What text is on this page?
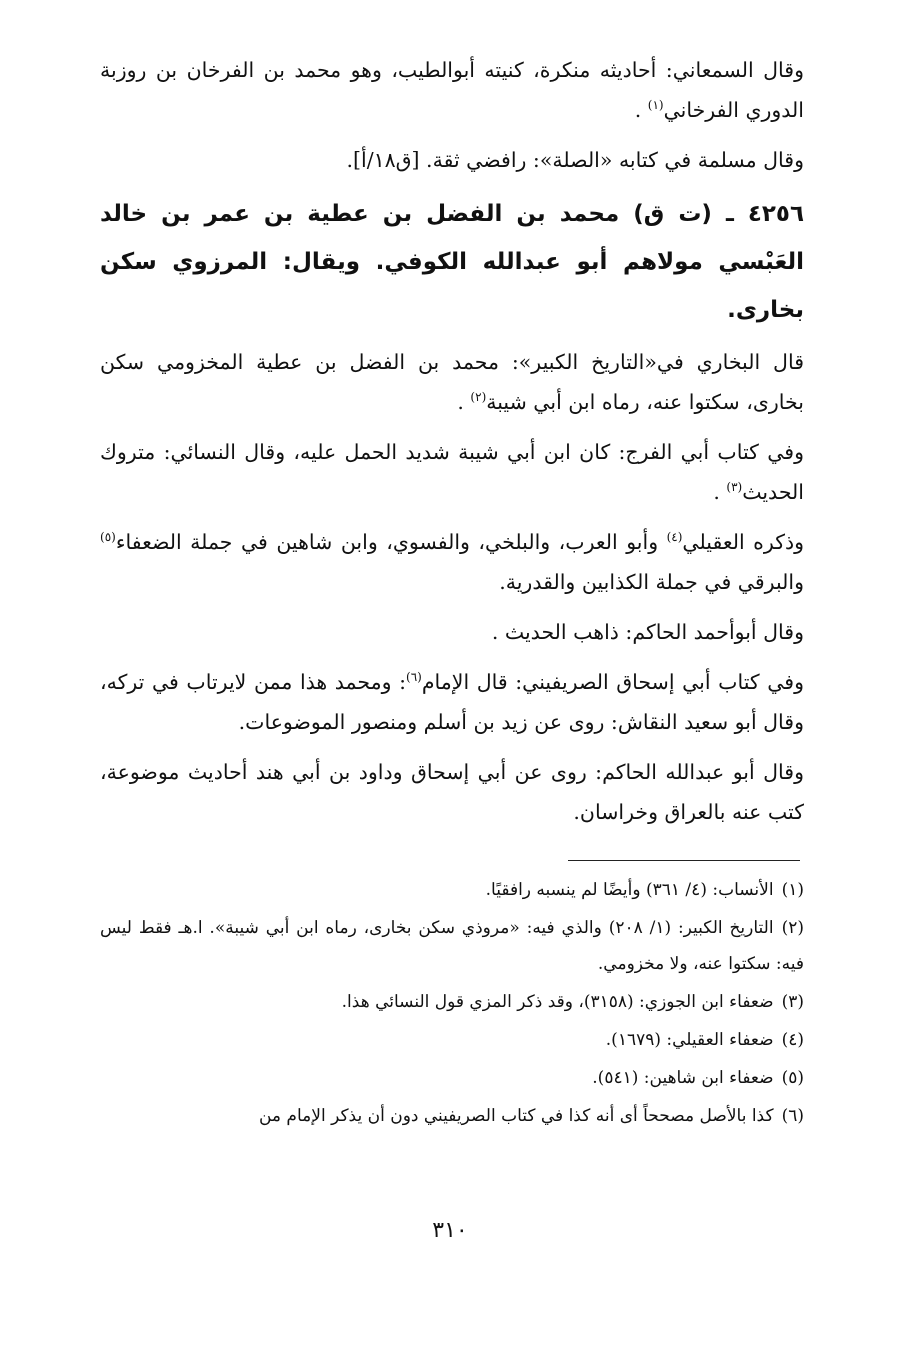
وقال السمعاني: أحاديثه منكرة، كنيته أبوالطيب، وهو محمد بن الفرخان بن روزبة الدوري الفرخاني$^{(١)}$ .

وقال مسلمة في كتابه «الصلة»: رافضي ثقة. [ق١٨/أ].

٤٢٥٦ ـ (ت ق) محمد بن الفضل بن عطية بن عمر بن خالد العَبْسي مولاهم أبو عبدالله الكوفي. ويقال: المرزوي سكن بخارى.

قال البخاري في«التاريخ الكبير»: محمد بن الفضل بن عطية المخزومي سكن بخارى، سكتوا عنه، رماه ابن أبي شيبة$^{(٢)}$ .

وفي كتاب أبي الفرج: كان ابن أبي شيبة شديد الحمل عليه، وقال النسائي: متروك الحديث$^{(٣)}$ .

وذكره العقيلي$^{(٤)}$ وأبو العرب، والبلخي، والفسوي، وابن شاهين في جملة الضعفاء$^{(٥)}$ والبرقي في جملة الكذابين والقدرية.

وقال أبوأحمد الحاكم: ذاهب الحديث .

وفي كتاب أبي إسحاق الصريفيني: قال الإمام$^{(٦)}$: ومحمد هذا ممن لايرتاب في تركه، وقال أبو سعيد النقاش: روى عن زيد بن أسلم ومنصور الموضوعات.

وقال أبو عبدالله الحاكم: روى عن أبي إسحاق وداود بن أبي هند أحاديث موضوعة، كتب عنه بالعراق وخراسان.

(١)الأنساب: (٤/ ٣٦١) وأيضًا لم ينسبه رافقيًا.

(٢)التاريخ الكبير: (١/ ٢٠٨) والذي فيه: «مروذي سكن بخارى، رماه ابن أبي شيبة». ا.هـ فقط ليس فيه: سكتوا عنه، ولا مخزومي.

(٣)ضعفاء ابن الجوزي: (٣١٥٨)، وقد ذكر المزي قول النسائي هذا.

(٤)ضعفاء العقيلي: (١٦٧٩).

(٥)ضعفاء ابن شاهين: (٥٤١).

(٦)كذا بالأصل مصححاً أى أنه كذا في كتاب الصريفيني دون أن يذكر الإمام من

٣١٠
